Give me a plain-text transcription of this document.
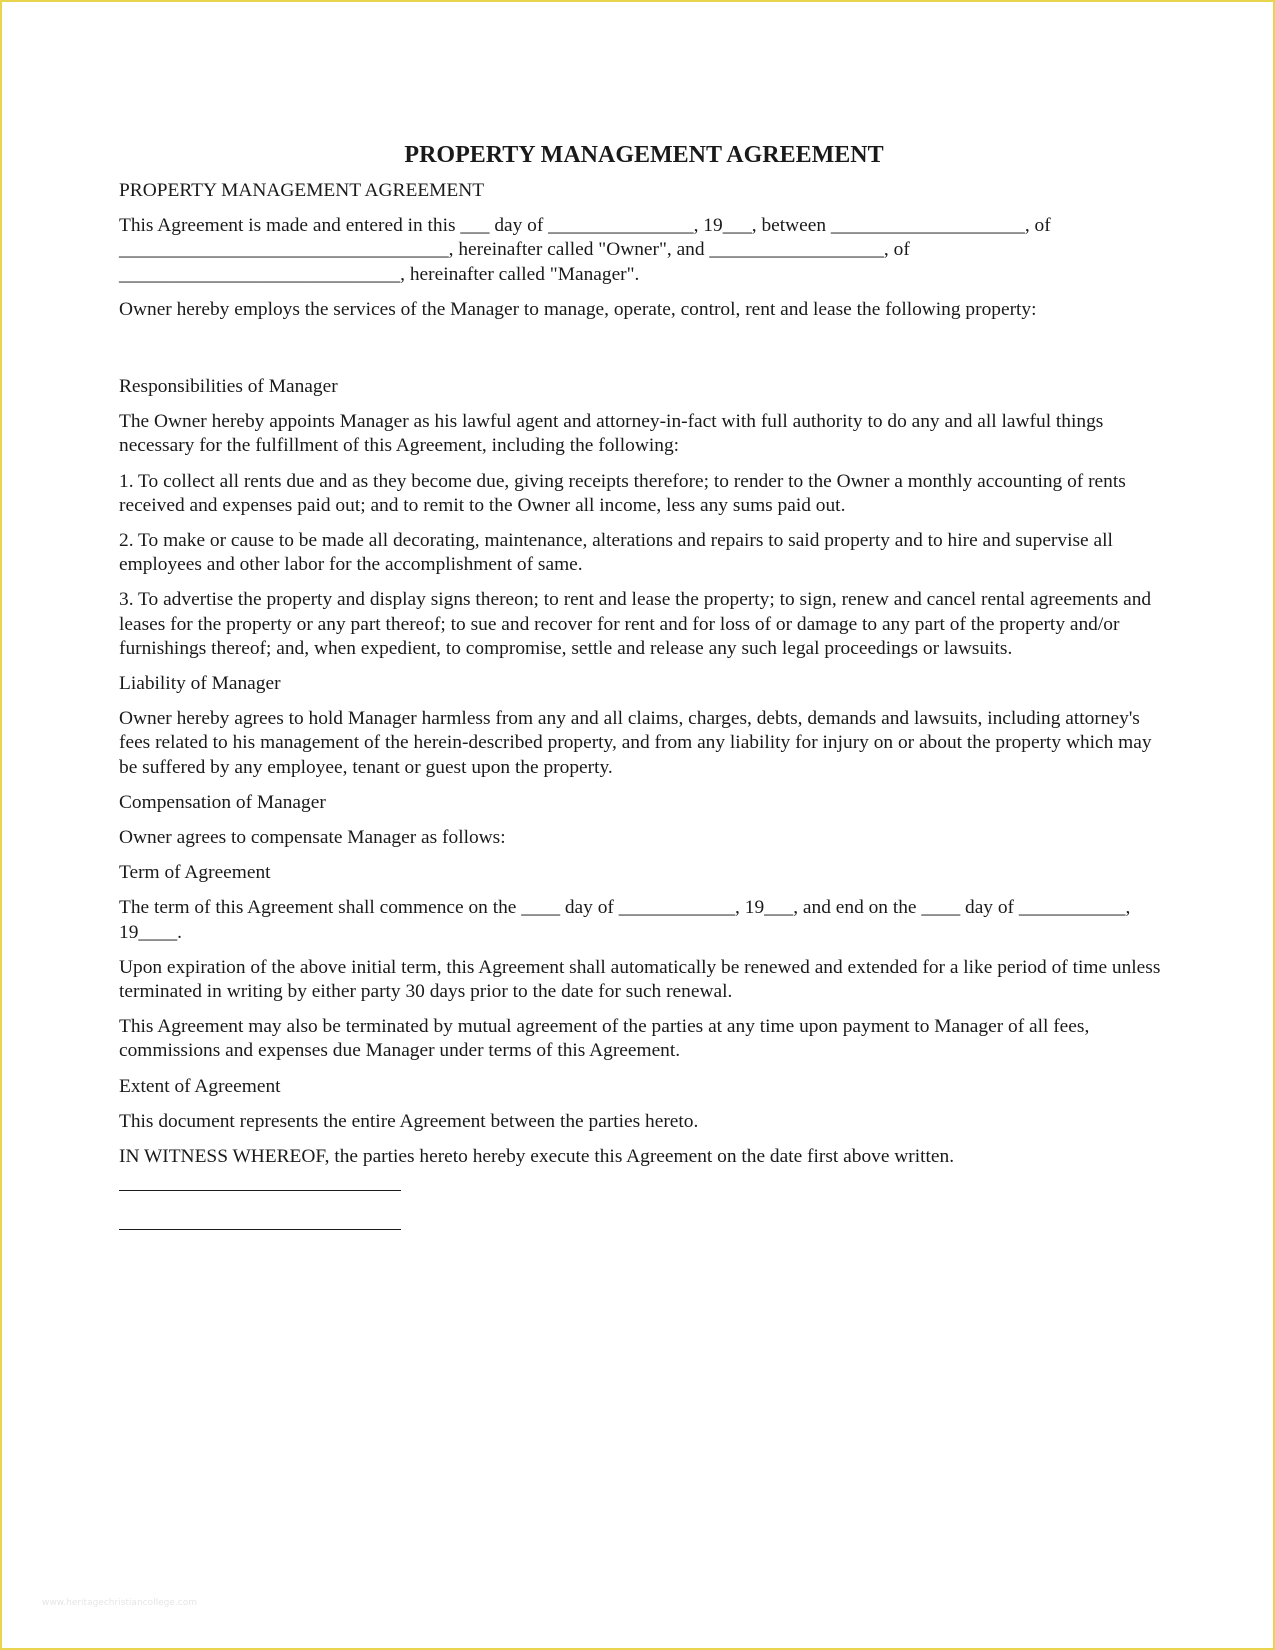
PROPERTY MANAGEMENT AGREEMENT

PROPERTY MANAGEMENT AGREEMENT

This Agreement is made and entered in this ___ day of _______________, 19___, between ____________________, of __________________________________, hereinafter called "Owner", and __________________, of _____________________________, hereinafter called "Manager".

Owner hereby employs the services of the Manager to manage, operate, control, rent and lease the following property:

Responsibilities of Manager

The Owner hereby appoints Manager as his lawful agent and attorney-in-fact with full authority to do any and all lawful things necessary for the fulfillment of this Agreement, including the following:

1. To collect all rents due and as they become due, giving receipts therefore; to render to the Owner a monthly accounting of rents received and expenses paid out; and to remit to the Owner all income, less any sums paid out.

2. To make or cause to be made all decorating, maintenance, alterations and repairs to said property and to hire and supervise all employees and other labor for the accomplishment of same.

3. To advertise the property and display signs thereon; to rent and lease the property; to sign, renew and cancel rental agreements and leases for the property or any part thereof; to sue and recover for rent and for loss of or damage to any part of the property and/or furnishings thereof; and, when expedient, to compromise, settle and release any such legal proceedings or lawsuits.

Liability of Manager

Owner hereby agrees to hold Manager harmless from any and all claims, charges, debts, demands and lawsuits, including attorney's fees related to his management of the herein-described property, and from any liability for injury on or about the property which may be suffered by any employee, tenant or guest upon the property.

Compensation of Manager

Owner agrees to compensate Manager as follows:

Term of Agreement

The term of this Agreement shall commence on the ____ day of ____________, 19___, and end on the ____ day of ___________, 19____.

Upon expiration of the above initial term, this Agreement shall automatically be renewed and extended for a like period of time unless terminated in writing by either party 30 days prior to the date for such renewal.

This Agreement may also be terminated by mutual agreement of the parties at any time upon payment to Manager of all fees, commissions and expenses due Manager under terms of this Agreement.

Extent of Agreement

This document represents the entire Agreement between the parties hereto.

IN WITNESS WHEREOF, the parties hereto hereby execute this Agreement on the date first above written.

www.heritagechristiancollege.com
